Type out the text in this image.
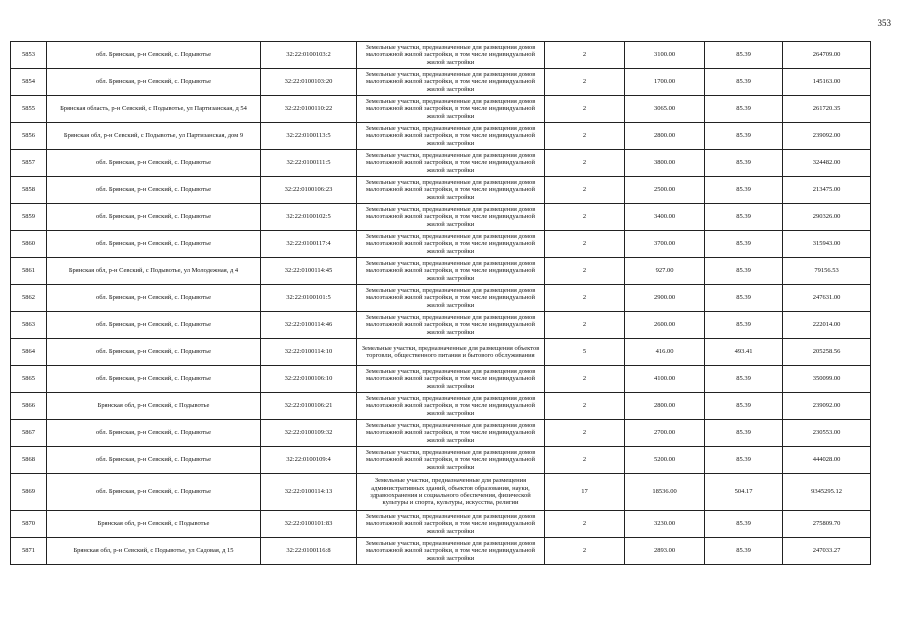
353
5853	обл. Брянская, р-н Севский, с. Подывотье	32:22:0100103:2	Земельные участки, предназначенные для размещения домов малоэтажной жилой застройки, в том числе индивидуальной жилой застройки	2	3100.00	85.39	264709.00
5854	обл. Брянская, р-н Севский, с. Подывотье	32:22:0100103:20	Земельные участки, предназначенные для размещения домов малоэтажной жилой застройки, в том числе индивидуальной жилой застройки	2	1700.00	85.39	145163.00
5855	Брянская область, р-н Севский, с Подывотье, ул Партизанская, д 54	32:22:0100110:22	Земельные участки, предназначенные для размещения домов малоэтажной жилой застройки, в том числе индивидуальной жилой застройки	2	3065.00	85.39	261720.35
5856	Брянская обл, р-н Севский, с Подывотье, ул Партизанская, дом 9	32:22:0100113:5	Земельные участки, предназначенные для размещения домов малоэтажной жилой застройки, в том числе индивидуальной жилой застройки	2	2800.00	85.39	239092.00
5857	обл. Брянская, р-н Севский, с. Подывотье	32:22:0100111:5	Земельные участки, предназначенные для размещения домов малоэтажной жилой застройки, в том числе индивидуальной жилой застройки	2	3800.00	85.39	324482.00
5858	обл. Брянская, р-н Севский, с. Подывотье	32:22:0100106:23	Земельные участки, предназначенные для размещения домов малоэтажной жилой застройки, в том числе индивидуальной жилой застройки	2	2500.00	85.39	213475.00
5859	обл. Брянская, р-н Севский, с. Подывотье	32:22:0100102:5	Земельные участки, предназначенные для размещения домов малоэтажной жилой застройки, в том числе индивидуальной жилой застройки	2	3400.00	85.39	290326.00
5860	обл. Брянская, р-н Севский, с. Подывотье	32:22:0100117:4	Земельные участки, предназначенные для размещения домов малоэтажной жилой застройки, в том числе индивидуальной жилой застройки	2	3700.00	85.39	315943.00
5861	Брянская обл, р-н Севский, с Подывотье, ул Молодежная, д 4	32:22:0100114:45	Земельные участки, предназначенные для размещения домов малоэтажной жилой застройки, в том числе индивидуальной жилой застройки	2	927.00	85.39	79156.53
5862	обл. Брянская, р-н Севский, с. Подывотье	32:22:0100101:5	Земельные участки, предназначенные для размещения домов малоэтажной жилой застройки, в том числе индивидуальной жилой застройки	2	2900.00	85.39	247631.00
5863	обл. Брянская, р-н Севский, с. Подывотье	32:22:0100114:46	Земельные участки, предназначенные для размещения домов малоэтажной жилой застройки, в том числе индивидуальной жилой застройки	2	2600.00	85.39	222014.00
5864	обл. Брянская, р-н Севский, с. Подывотье	32:22:0100114:10	Земельные участки, предназначенные для размещения объектов торговли, общественного питания и бытового обслуживания	5	416.00	493.41	205258.56
5865	обл. Брянская, р-н Севский, с. Подывотье	32:22:0100106:10	Земельные участки, предназначенные для размещения домов малоэтажной жилой застройки, в том числе индивидуальной жилой застройки	2	4100.00	85.39	350099.00
5866	Брянская обл, р-н Севский, с Подывотье	32:22:0100106:21	Земельные участки, предназначенные для размещения домов малоэтажной жилой застройки, в том числе индивидуальной жилой застройки	2	2800.00	85.39	239092.00
5867	обл. Брянская, р-н Севский, с. Подывотье	32:22:0100109:32	Земельные участки, предназначенные для размещения домов малоэтажной жилой застройки, в том числе индивидуальной жилой застройки	2	2700.00	85.39	230553.00
5868	обл. Брянская, р-н Севский, с. Подывотье	32:22:0100109:4	Земельные участки, предназначенные для размещения домов малоэтажной жилой застройки, в том числе индивидуальной жилой застройки	2	5200.00	85.39	444028.00
5869	обл. Брянская, р-н Севский, с. Подывотье	32:22:0100114:13	Земельные участки, предназначенные для размещения административных зданий, объектов образования, науки, здравоохранения и социального обеспечения, физической культуры и спорта, культуры, искусства, религии	17	18536.00	504.17	9345295.12
5870	Брянская обл, р-н Севский, с Подывотье	32:22:0100101:83	Земельные участки, предназначенные для размещения домов малоэтажной жилой застройки, в том числе индивидуальной жилой застройки	2	3230.00	85.39	275809.70
5871	Брянская обл, р-н Севский, с Подывотье, ул Садовая, д 15	32:22:0100116:8	Земельные участки, предназначенные для размещения домов малоэтажной жилой застройки, в том числе индивидуальной жилой застройки	2	2893.00	85.39	247033.27
